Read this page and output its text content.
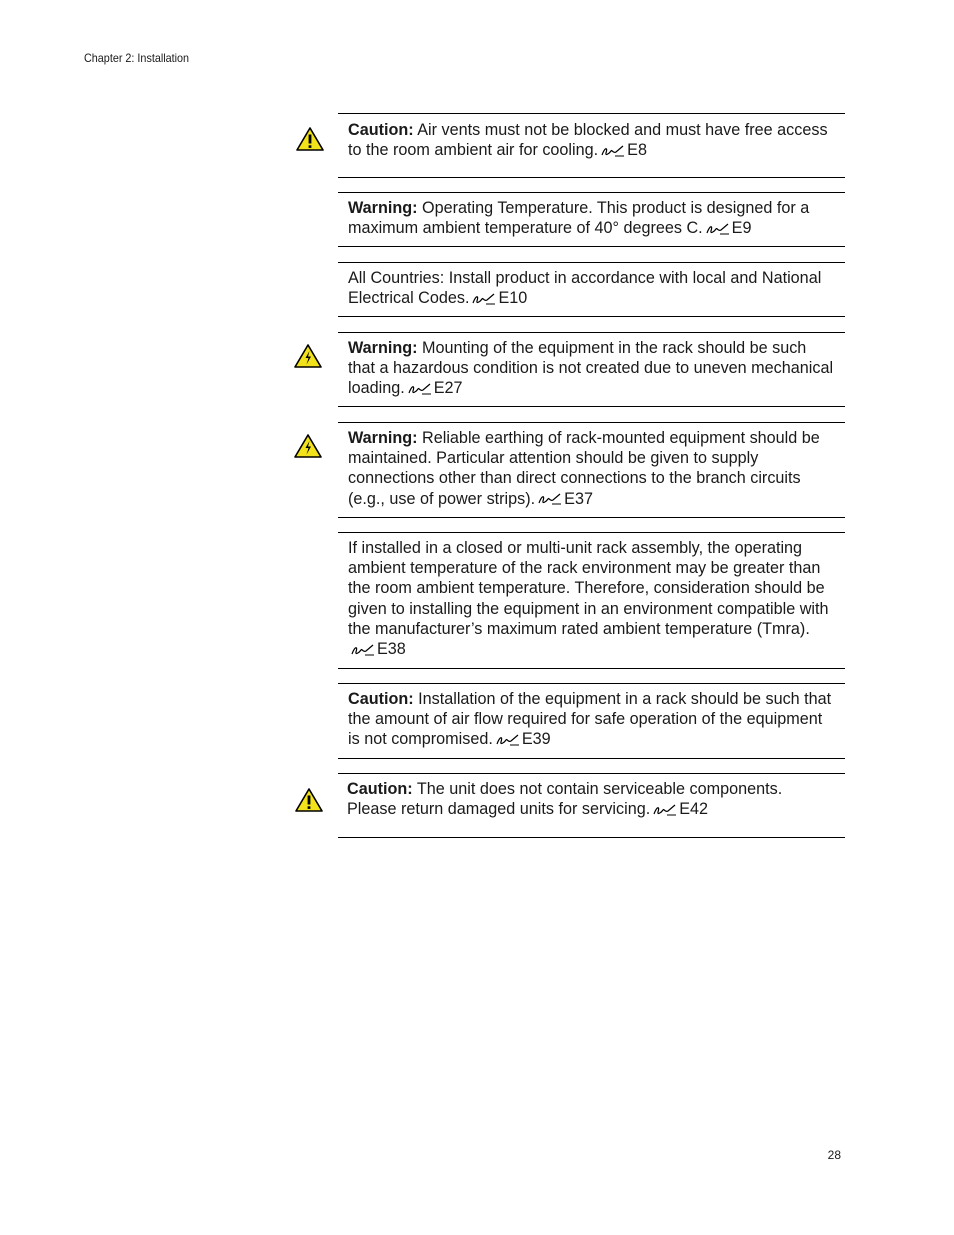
Chapter 2: Installation
Caution: Air vents must not be blocked and must have free access to the room ambient air for cooling. E8
Warning: Operating Temperature. This product is designed for a maximum ambient temperature of 40° degrees C. E9
All Countries: Install product in accordance with local and National Electrical Codes. E10
Warning: Mounting of the equipment in the rack should be such that a hazardous condition is not created due to uneven mechanical loading. E27
Warning: Reliable earthing of rack-mounted equipment should be maintained. Particular attention should be given to supply connections other than direct connections to the branch circuits (e.g., use of power strips). E37
If installed in a closed or multi-unit rack assembly, the operating ambient temperature of the rack environment may be greater than the room ambient temperature. Therefore, consideration should be given to installing the equipment in an environment compatible with the manufacturer’s maximum rated ambient temperature (Tmra).
E38
Caution: Installation of the equipment in a rack should be such that the amount of air flow required for safe operation of the equipment is not compromised. E39
Caution: The unit does not contain serviceable components. Please return damaged units for servicing. E42
28
